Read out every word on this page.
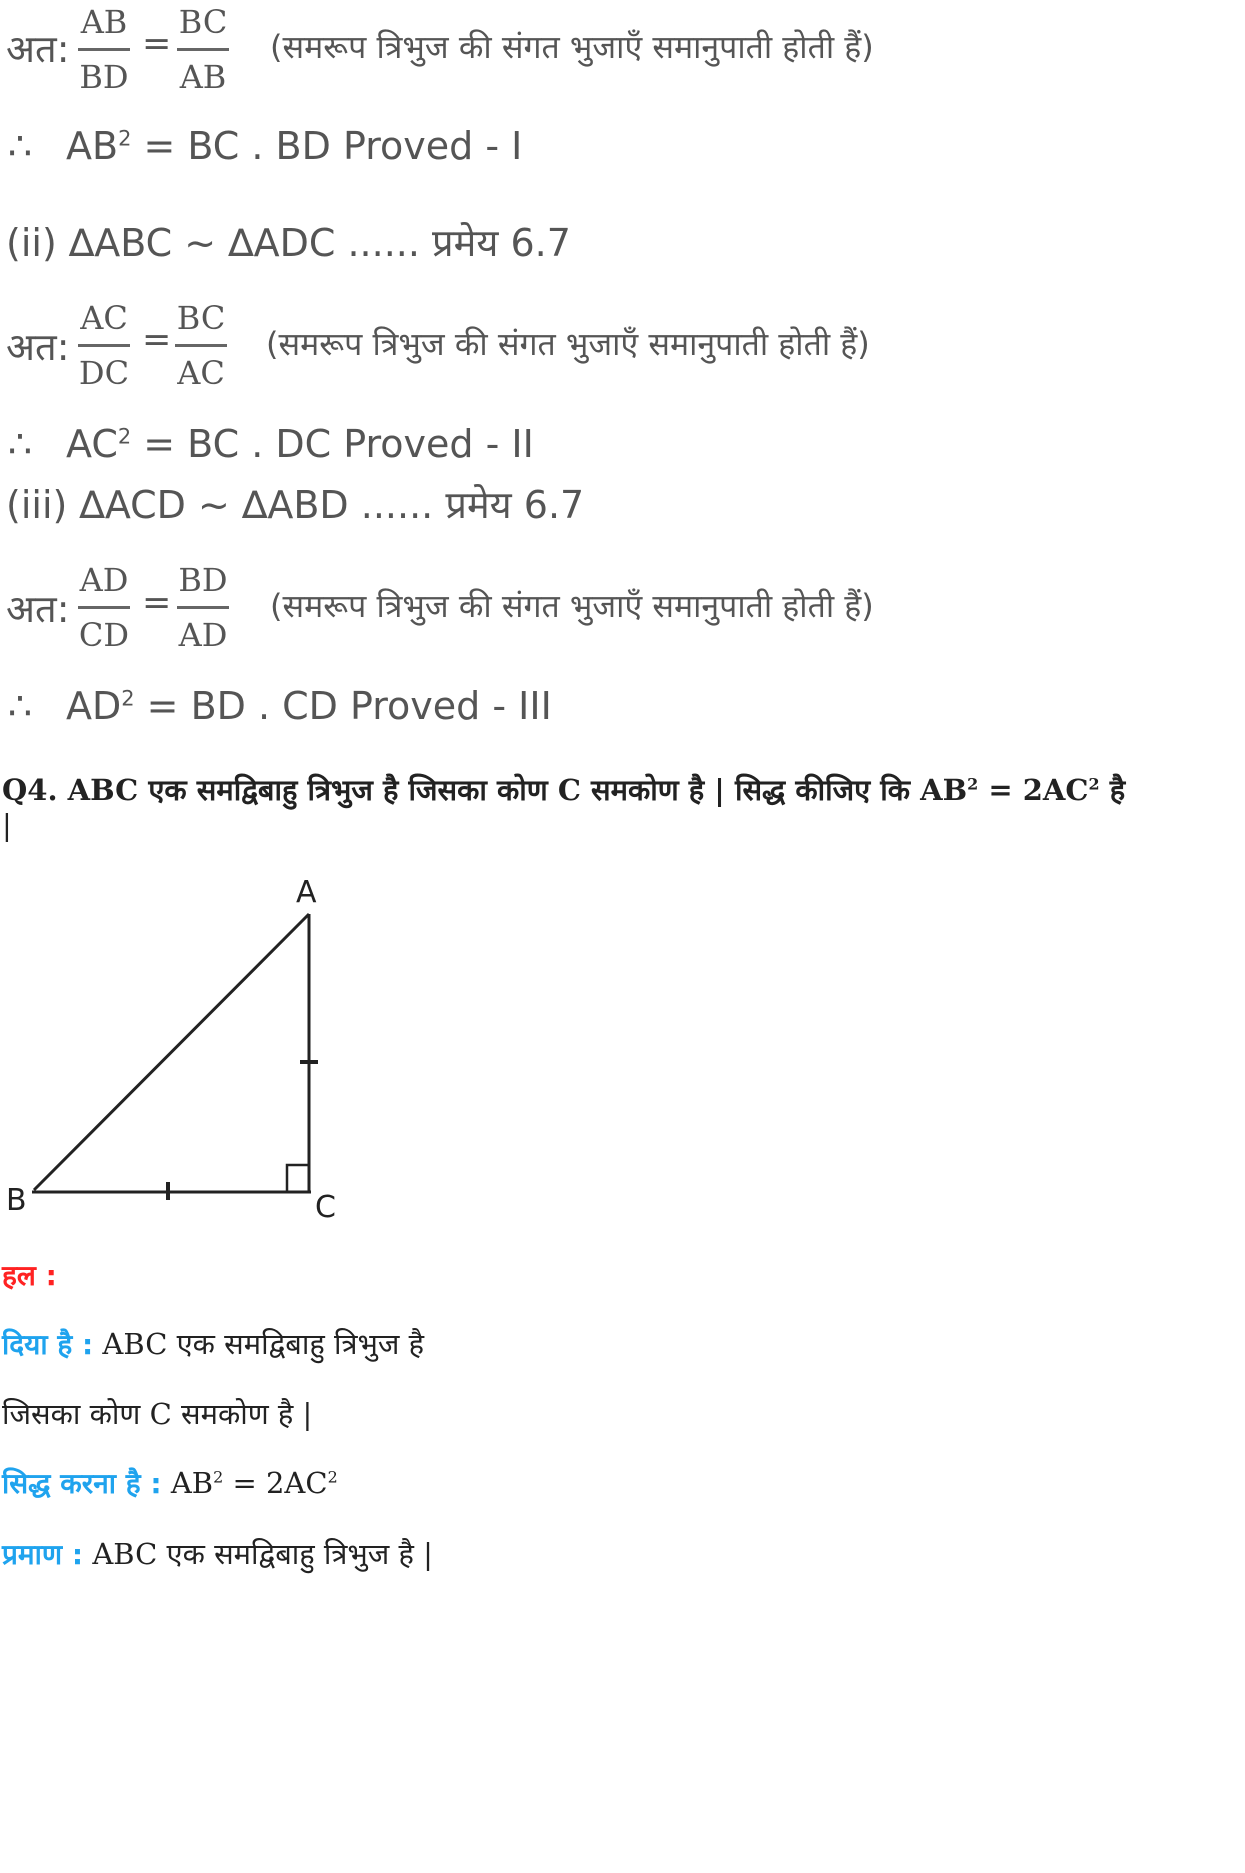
अत:
AB
BD
=
BC
AB
(समरूप त्रिभुज की संगत भुजाएँ समानुपाती होती हैं)
∴ $AB^2$ = BC . BD Proved - I
(ii) ∆ABC ~ ∆ADC ...... प्रमेय 6.7
अत:
AC
DC
=
BC
AC
(समरूप त्रिभुज की संगत भुजाएँ समानुपाती होती हैं)
∴ $AC^2$ = BC . DC Proved - II
(iii) ∆ACD ~ ∆ABD ...... प्रमेय 6.7
अत:
AD
CD
=
BD
AD
(समरूप त्रिभुज की संगत भुजाएँ समानुपाती होती हैं)
∴ $AD^2$ = BD . CD Proved - III
Q4. ABC एक समद्विबाहु त्रिभुज है जिसका कोण C समकोण है | सिद्ध कीजिए कि $AB^2 = 2AC^2$ है
|
A
B	C
हल :
दिया है : ABC एक समद्विबाहु त्रिभुज है
जिसका कोण C समकोण है |
सिद्ध करना है : $AB^2 = 2AC^2$
प्रमाण : ABC एक समद्विबाहु त्रिभुज है |
